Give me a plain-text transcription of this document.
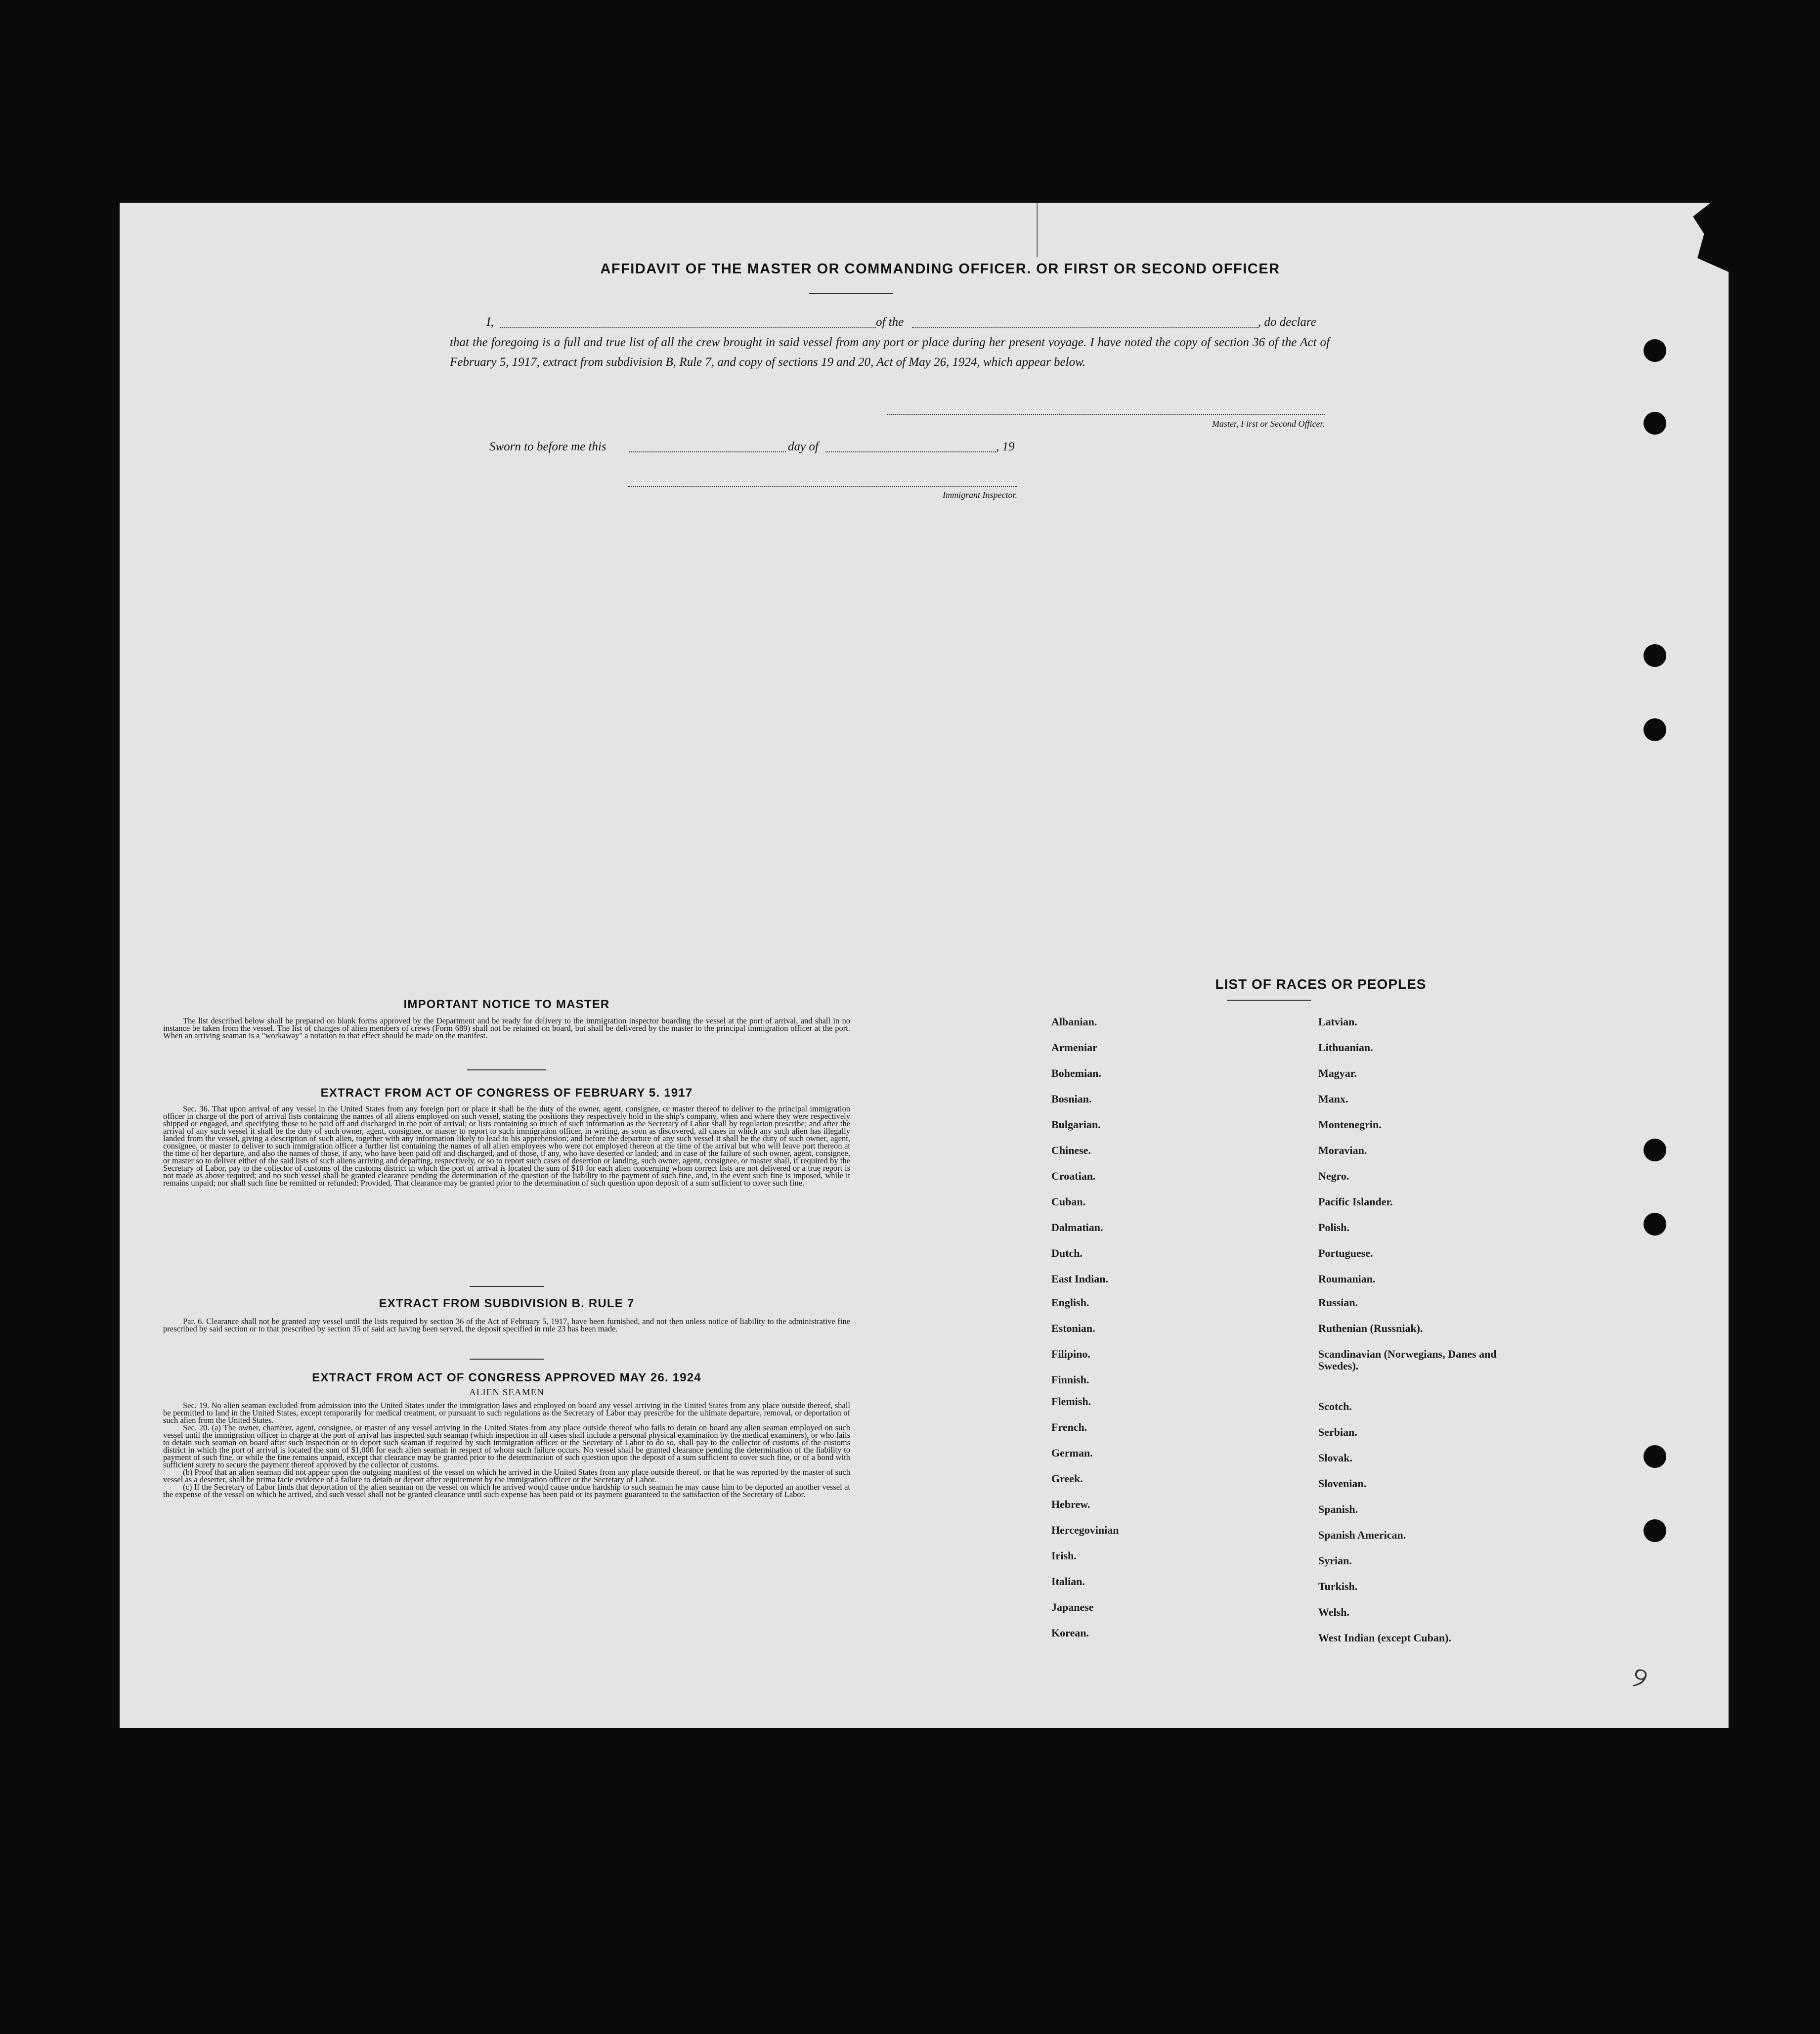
AFFIDAVIT OF THE MASTER OR COMMANDING OFFICER. OR FIRST OR SECOND OFFICER
I,	of the	, do declare
that the foregoing is a full and true list of all the crew brought in said vessel from any port or place during her present voyage. I have noted the copy of section 36 of the Act of February 5, 1917, extract from subdivision B, Rule 7, and copy of sections 19 and 20, Act of May 26, 1924, which appear below.
Master, First or Second Officer.
Sworn to before me this	day of	, 19
Immigrant Inspector.
IMPORTANT NOTICE TO MASTER
The list described below shall be prepared on blank forms approved by the Department and be ready for delivery to the immigration inspector boarding the vessel at the port of arrival, and shall in no instance be taken from the vessel. The list of changes of alien members of crews (Form 689) shall not be retained on board, but shall be delivered by the master to the principal immigration officer at the port. When an arriving seaman is a "workaway" a notation to that effect should be made on the manifest.
EXTRACT FROM ACT OF CONGRESS OF FEBRUARY 5. 1917
Sec. 36. That upon arrival of any vessel in the United States from any foreign port or place it shall be the duty of the owner, agent, consignee, or master thereof to deliver to the principal immigration officer in charge of the port of arrival lists containing the names of all aliens employed on such vessel, stating the positions they respectively hold in the ship's company, when and where they were respectively shipped or engaged, and specifying those to be paid off and discharged in the port of arrival; or lists containing so much of such information as the Secretary of Labor shall by regulation prescribe; and after the arrival of any such vessel it shall be the duty of such owner, agent, consignee, or master to report to such immigration officer, in writing, as soon as discovered, all cases in which any such alien has illegally landed from the vessel, giving a description of such alien, together with any information likely to lead to his apprehension; and before the departure of any such vessel it shall be the duty of such owner, agent, consignee, or master to deliver to such immigration officer a further list containing the names of all alien employees who were not employed thereon at the time of the arrival but who will leave port thereon at the time of her departure, and also the names of those, if any, who have been paid off and discharged, and of those, if any, who have deserted or landed; and in case of the failure of such owner, agent, consignee, or master so to deliver either of the said lists of such aliens arriving and departing, respectively, or so to report such cases of desertion or landing, such owner, agent, consignee, or master shall, if required by the Secretary of Labor, pay to the collector of customs of the customs district in which the port of arrival is located the sum of $10 for each alien concerning whom correct lists are not delivered or a true report is not made as above required; and no such vessel shall be granted clearance pending the determination of the question of the liability to the payment of such fine, and, in the event such fine is imposed, while it remains unpaid; nor shall such fine be remitted or refunded: Provided, That clearance may be granted prior to the determination of such question upon deposit of a sum sufficient to cover such fine.
EXTRACT FROM SUBDIVISION B. RULE 7
Par. 6. Clearance shall not be granted any vessel until the lists required by section 36 of the Act of February 5, 1917, have been furnished, and not then unless notice of liability to the administrative fine prescribed by said section or to that prescribed by section 35 of said act having been served, the deposit specified in rule 23 has been made.
EXTRACT FROM ACT OF CONGRESS APPROVED MAY 26. 1924
ALIEN SEAMEN

Sec. 19. No alien seaman excluded from admission into the United States under the immigration laws and employed on board any vessel arriving in the United States from any place outside thereof, shall be permitted to land in the United States, except temporarily for medical treatment, or pursuant to such regulations as the Secretary of Labor may prescribe for the ultimate departure, removal, or deportation of such alien from the United States.

Sec. 20. (a) The owner, charterer, agent, consignee, or master of any vessel arriving in the United States from any place outside thereof who fails to detain on board any alien seaman employed on such vessel until the immigration officer in charge at the port of arrival has inspected such seaman (which inspection in all cases shall include a personal physical examination by the medical examiners), or who fails to detain such seaman on board after such inspection or to deport such seaman if required by such immigration officer or the Secretary of Labor to do so, shall pay to the collector of customs of the customs district in which the port of arrival is located the sum of $1,000 for each alien seaman in respect of whom such failure occurs. No vessel shall be granted clearance pending the determination of the liability to payment of such fine, or while the fine remains unpaid, except that clearance may be granted prior to the determination of such question upon the deposit of a sum sufficient to cover such fine, or of a bond with sufficient surety to secure the payment thereof approved by the collector of customs.

(b) Proof that an alien seaman did not appear upon the outgoing manifest of the vessel on which he arrived in the United States from any place outside thereof, or that he was reported by the master of such vessel as a deserter, shall be prima facie evidence of a failure to detain or deport after requirement by the immigration officer or the Secretary of Labor.

(c) If the Secretary of Labor finds that deportation of the alien seaman on the vessel on which he arrived would cause undue hardship to such seaman he may cause him to be deported an another vessel at the expense of the vessel on which he arrived, and such vessel shall not be granted clearance until such expense has been paid or its payment guaranteed to the satisfaction of the Secretary of Labor.

LIST OF RACES OR PEOPLES
୨
Albanian.
Armeniar
Bohemian.
Bosnian.
Bulgarian.
Chinese.
Croatian.
Cuban.
Dalmatian.
Dutch.
East Indian.
English.
Estonian.
Filipino.
Finnish.
Flemish.
French.
German.
Greek.
Hebrew.
Hercegovinian
Irish.
Italian.
Japanese
Korean.
Latvian.
Lithuanian.
Magyar.
Manx.
Montenegrin.
Moravian.
Negro.
Pacific Islander.
Polish.
Portuguese.
Roumanian.
Russian.
Ruthenian (Russniak).
Scandinavian (Norwegians, Danes and Swedes).
Scotch.
Serbian.
Slovak.
Slovenian.
Spanish.
Spanish American.
Syrian.
Turkish.
Welsh.
West Indian (except Cuban).
